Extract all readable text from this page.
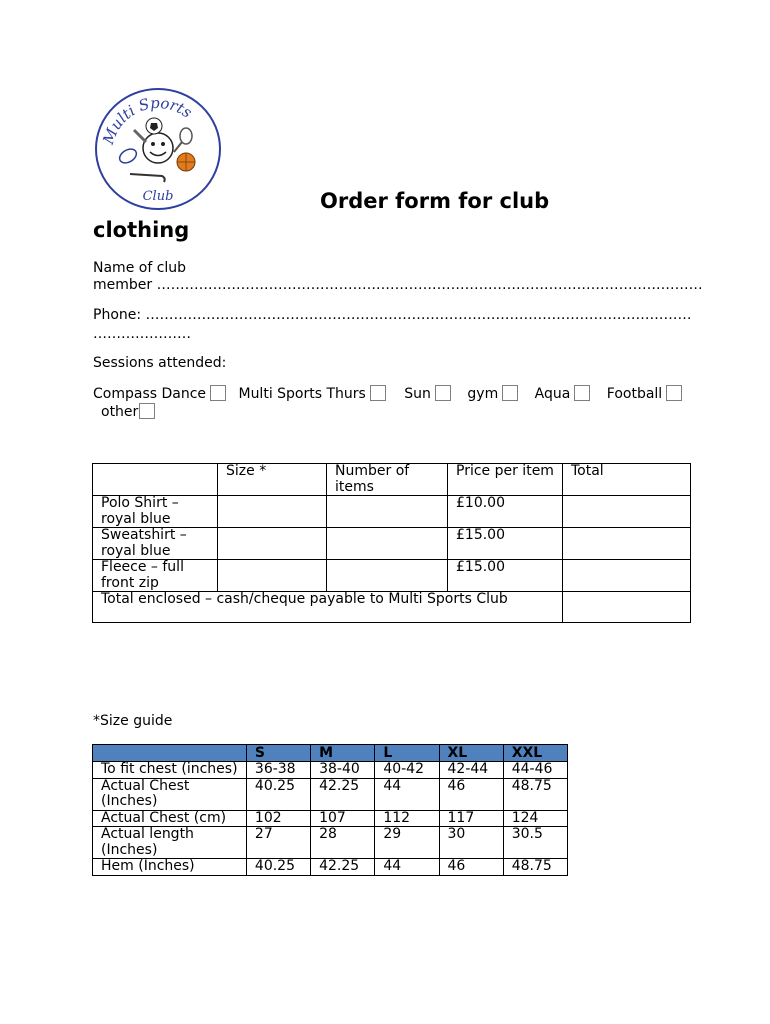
Multi Sports
Club	Order form for club
clothing
Name of club
member ………………………………………………………………………………………………………
Phone: ………………………………………………………………………………………………………
…………………
Sessions attended:
Compass Dance Multi Sports Thurs	Sun	gym	Aqua	Football
other
	Size *	Number of items	Price per item	Total
Polo Shirt – royal blue			£10.00	
Sweatshirt – royal blue			£15.00	
Fleece – full front zip			£15.00	
Total enclosed – cash/cheque payable to Multi Sports Club				
*Size guide
	S	M	L	XL	XXL
To fit chest (inches)	36-38	38-40	40-42	42-44	44-46
Actual Chest (Inches)	40.25	42.25	44	46	48.75
Actual Chest (cm)	102	107	112	117	124
Actual length (Inches)	27	28	29	30	30.5
Hem (Inches)	40.25	42.25	44	46	48.75
